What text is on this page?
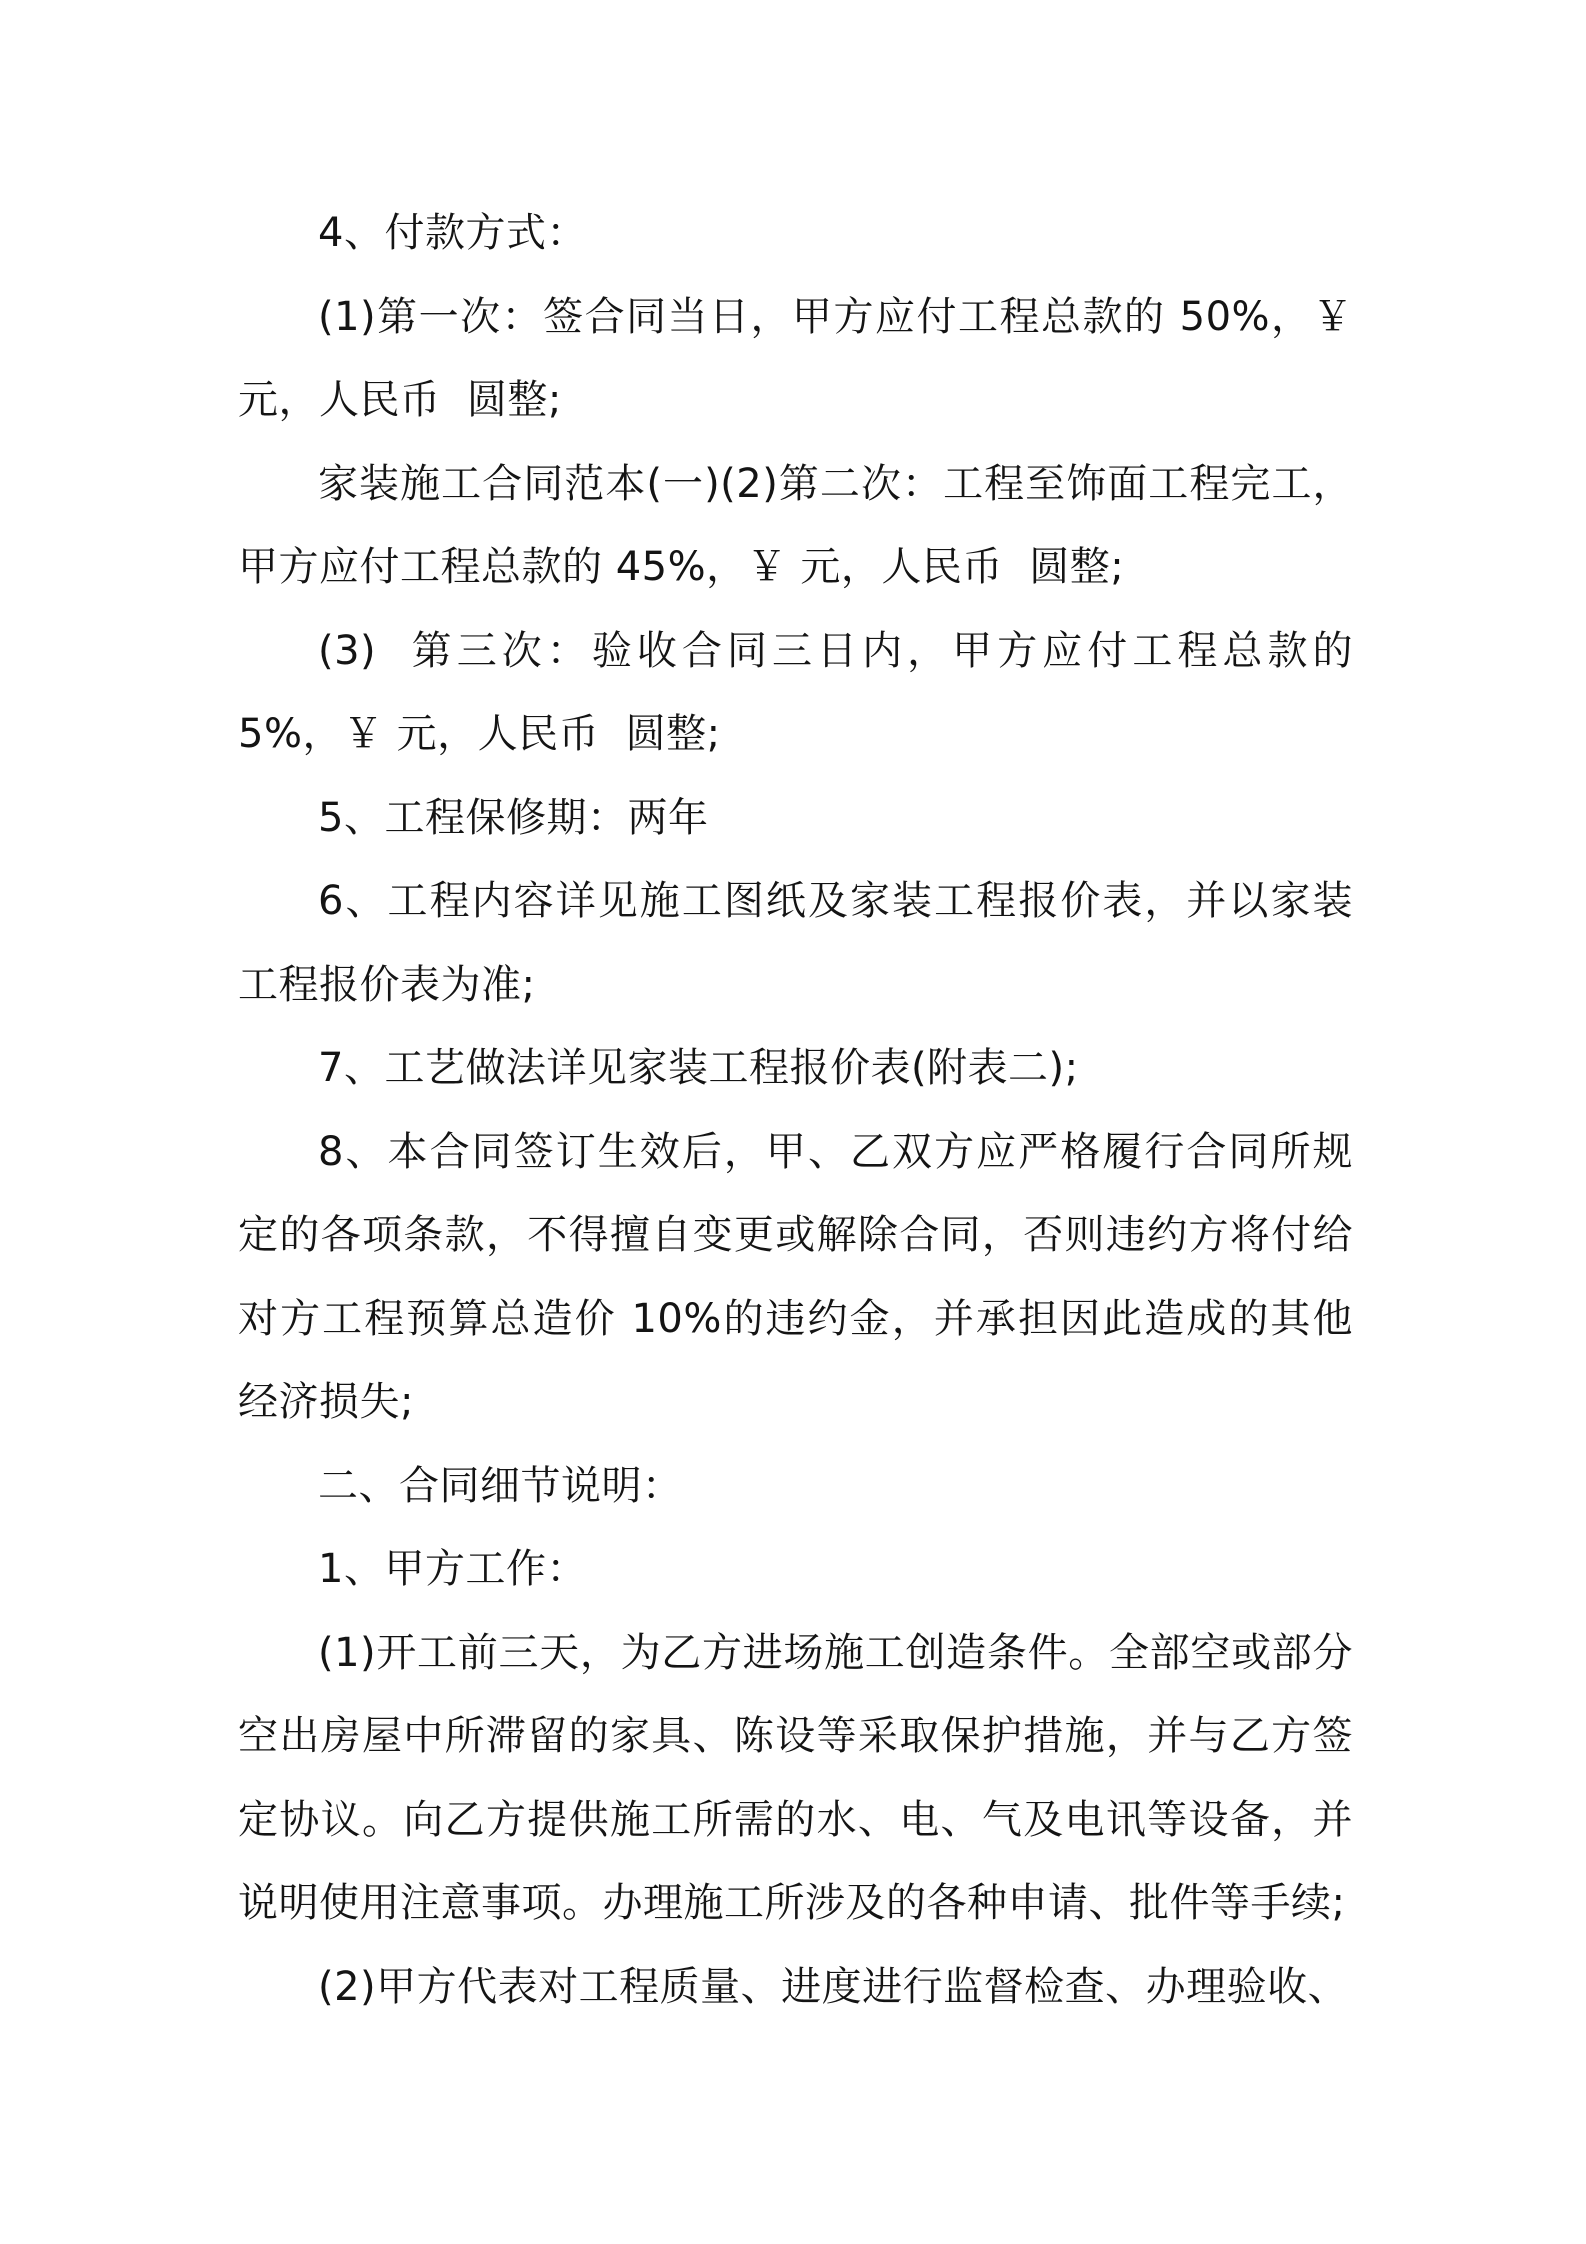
4、付款方式：

(1)第一次：签合同当日，甲方应付工程总款的 50%，￥ 元，人民币  圆整;

家装施工合同范本(一)(2)第二次：工程至饰面工程完工，甲方应付工程总款的 45%，￥ 元，人民币  圆整;

(3)  第三次：验收合同三日内，甲方应付工程总款的 5%，￥ 元，人民币  圆整;

5、工程保修期：两年

6、工程内容详见施工图纸及家装工程报价表，并以家装工程报价表为准;

7、工艺做法详见家装工程报价表(附表二);

8、本合同签订生效后，甲、乙双方应严格履行合同所规定的各项条款，不得擅自变更或解除合同，否则违约方将付给对方工程预算总造价 10%的违约金，并承担因此造成的其他经济损失;

二、合同细节说明：

1、甲方工作：

(1)开工前三天，为乙方进场施工创造条件。全部空或部分空出房屋中所滞留的家具、陈设等采取保护措施，并与乙方签定协议。向乙方提供施工所需的水、电、气及电讯等设备，并说明使用注意事项。办理施工所涉及的各种申请、批件等手续;

(2)甲方代表对工程质量、进度进行监督检查、办理验收、
